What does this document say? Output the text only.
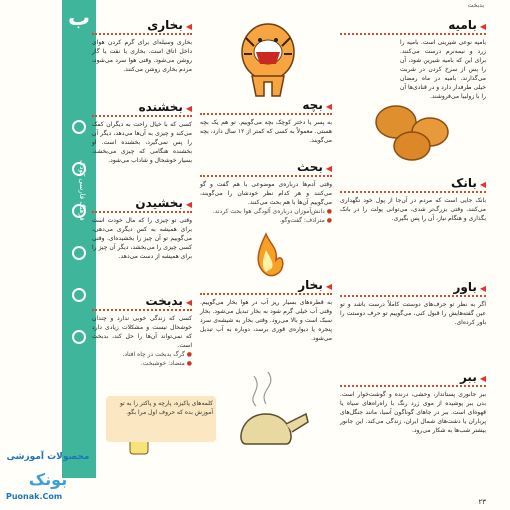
بدبخت
ب
فرهنگ فارسی کودک
◀بامیه
بامیه نوعی شیرینی است. بامیه را زرد و نیمه‌نرم درست می‌کنند. برای این که بامیه شیرین شود، آن را پس از سرخ کردن در شربت می‌گذارند. بامیه در ماه رمضان خیلی طرفدار دارد و در قنادی‌ها آن را با زولبیا می‌فروشند.
◀بانک
بانک جایی است که مردم در آن‌جا از پول خود نگهداری می‌کنند. وقتی بزرگ‌تر شدی، می‌توانی پولت را در بانک بگذاری و هنگام نیاز، آن را پس بگیری.
◀باور
اگر به نظر تو حرف‌های دوستت کاملاً درست باشد و تو عین گفته‌هایش را قبول کنی، می‌گوییم تو حرف دوستت را باور کرده‌ای.
◀ببر
ببر جانوری پستاندار، وحشی، درنده و گوشت‌خوار است. بدن ببر پوشیده از موی زرد رنگ با راه‌راه‌های سیاه یا قهوه‌ای است. ببر در جاهای گوناگون آسیا، مانند جنگل‌های پرباران یا دشت‌های شمال ایران، زندگی می‌کند. این جانور بیشتر شب‌ها به شکار می‌رود.
◀بچه
به پسر یا دختر کوچک بچه می‌گوییم. تو هم یک بچه هستی. معمولاً به کسی که کمتر از ۱۲ سال دارد، بچه می‌گویند.
◀بحث
وقتی آدم‌ها درباره‌ی موضوعی با هم گفت و گو می‌کنند و هر کدام نظر خودشان را می‌گویند، می‌گوییم آن‌ها با هم بحث می‌کنند.
● دانش‌آموزان درباره‌ی آلودگی هوا بحث کردند.
● مترادف: گفت‌وگو.
◀بخار
به قطره‌های بسیار ریز آب در هوا بخار می‌گوییم. وقتی آب خیلی گرم شود به بخار تبدیل می‌شود. بخار سبک است و بالا می‌رود. وقتی بخار به شیشه‌ی سرد پنجره یا دیواره‌ی قوری برسد، دوباره به آب تبدیل می‌شود.
◀بخاری
بخاری وسیله‌ای برای گرم کردن هوای داخل اتاق است. بخاری با نفت یا گاز روشن می‌شود. وقتی هوا سرد می‌شود، مردم بخاری روشن می‌کنند.
◀بخشنده
کسی که با خیال راحت به دیگران کمک می‌کند و چیزی به آن‌ها می‌دهد، دیگر آن را پس نمی‌گیرد، بخشنده است. او بخشنده هنگامی که چیزی می‌بخشد، بسیار خوشحال و شاداب می‌شود.
◀بخشیدن
وقتی تو چیزی را که مال خودت است برای همیشه به کس دیگری می‌دهی، می‌گوییم تو آن چیز را بخشیده‌ای. وقتی کسی چیزی را می‌بخشد، دیگر آن چیز را برای همیشه از دست می‌دهد.
◀بدبخت
کسی که زندگی خوبی ندارد و چندان خوشحال نیست و مشکلات زیادی دارد که نمی‌تواند آن‌ها را حل کند، بدبخت است.
● گرگ بدبخت در چاه افتاد.
● متضاد: خوشبخت.
کلمه‌های پاکیزه، پارچه و پاکتر را به تو آموزش بده که حروف اول مرا بگو.
محصولات آموزشی
بونک
Puonak.Com
۲۳
